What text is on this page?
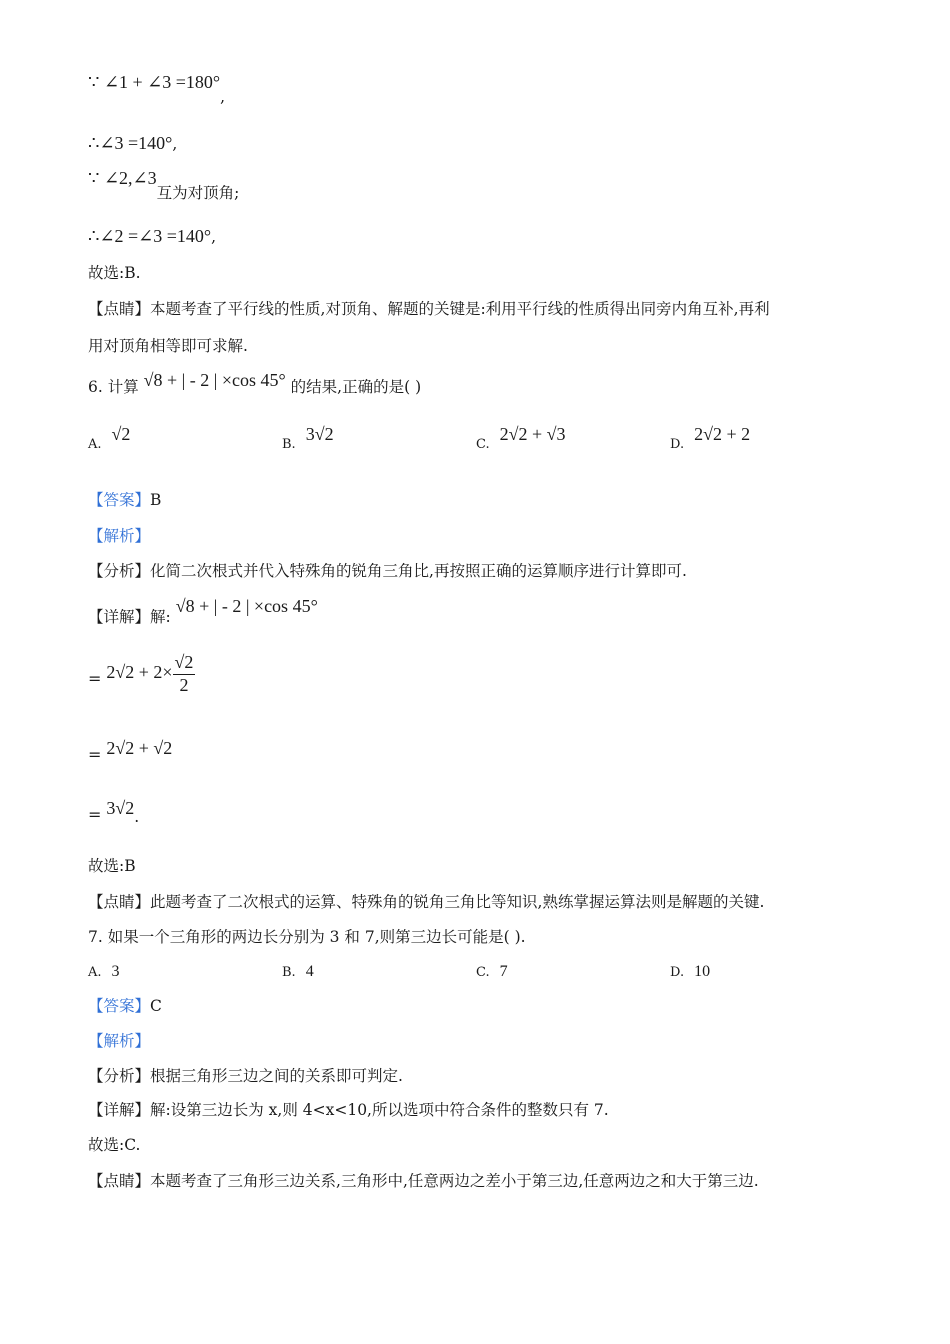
∵ ∠1 + ∠3 =180°,
∴∠3 =140°,
∵ ∠2,∠3互为对顶角;
∴∠2 =∠3 =140°,
故选:B.
【点睛】本题考查了平行线的性质,对顶角、解题的关键是:利用平行线的性质得出同旁内角互补,再利
用对顶角相等即可求解.
6. 计算 √8 + | - 2 | ×cos 45° 的结果,正确的是( )
A.√2
B.3√2
C.2√2 + √3
D.2√2 + 2
【答案】B
【解析】
【分析】化简二次根式并代入特殊角的锐角三角比,再按照正确的运算顺序进行计算即可.
【详解】解: √8 + | - 2 | ×cos 45°
= $2√2 + 2\times \frac{√2}{2}$
= 2√2 + √2
= 3√2.
故选:B
【点睛】此题考查了二次根式的运算、特殊角的锐角三角比等知识,熟练掌握运算法则是解题的关键.
7. 如果一个三角形的两边长分别为 3 和 7,则第三边长可能是( ).
A. 3	B. 4	C. 7	D. 10
【答案】C
【解析】
【分析】根据三角形三边之间的关系即可判定.
【详解】解:设第三边长为 x,则 4<x<10,所以选项中符合条件的整数只有 7.
故选:C.
【点睛】本题考查了三角形三边关系,三角形中,任意两边之差小于第三边,任意两边之和大于第三边.
